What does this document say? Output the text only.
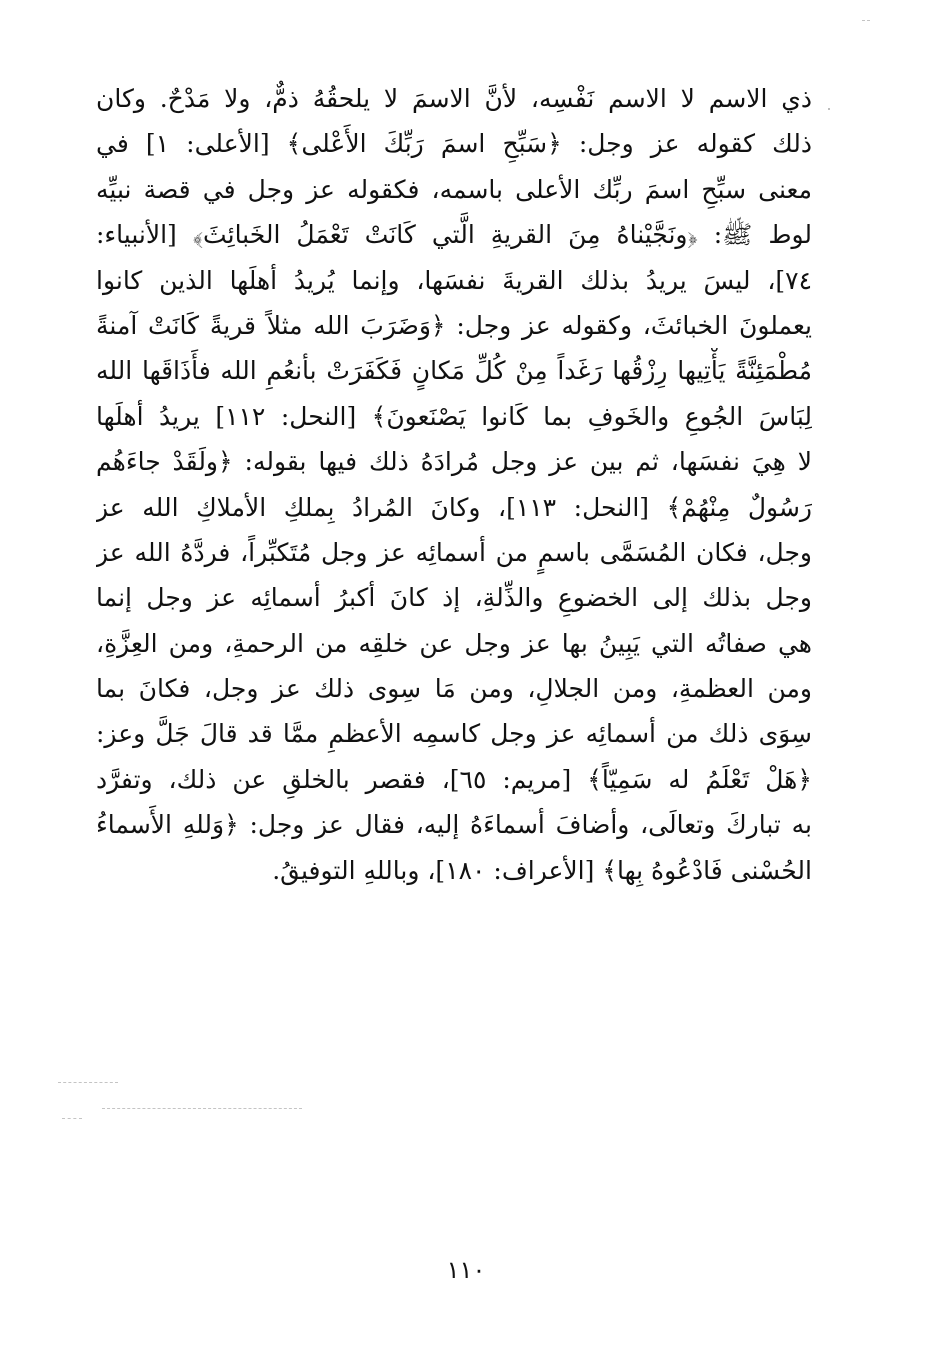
ذي الاسم لا الاسم نَفْسِه، لأنَّ الاسمَ لا يلحقُهُ ذمٌّ، ولا مَدْحٌ. وكان
ذلك كقوله عز وجل: ﴿سَبِّحِ اسمَ رَبِّكَ الأَعْلى﴾ [الأعلى: ١] في
معنى سبِّحِ اسمَ ربِّك الأعلى باسمه، فكقوله عز وجل في قصة نبيِّه
لوط ﷺ: ﴿ونَجَّيْناهُ مِنَ القريةِ الَّتي كَانَتْ تَعْمَلُ الخَبائِثَ﴾ [الأنبياء:
٧٤]، ليسَ يريدُ بذلك القريةَ نفسَها، وإنما يُريدُ أهلَها الذين كانوا
يعملونَ الخبائثَ، وكقوله عز وجل: ﴿وَضَرَبَ الله مثلاً قريةً كَانَتْ آمنةً
مُطْمَئِنَّةً يَأْتِيها رِزْقُها رَغَداً مِنْ كُلِّ مَكانٍ فَكَفَرَتْ بأنعُمِ الله فأَذَاقَها الله
لِبَاسَ الجُوعِ والخَوفِ بما كَانوا يَصْنَعونَ﴾ [النحل: ١١٢] يريدُ أهلَها
لا هِيَ نفسَها، ثم بين عز وجل مُرادَهُ ذلك فيها بقوله: ﴿ولَقَدْ جاءَهُم
رَسُولٌ مِنْهُمْ﴾ [النحل: ١١٣]، وكانَ المُرادُ بِملكِ الأملاكِ الله عز
وجل، فكان المُسَمَّى باسمٍ من أسمائِه عز وجل مُتَكبِّراً، فردَّهُ الله عز
وجل بذلك إلى الخضوعِ والذِّلةِ، إذ كانَ أكبرُ أسمائِه عز وجل إنما
هي صفاتُه التي يَبِينُ بها عز وجل عن خلقِه من الرحمةِ، ومن العِزَّةِ،
ومن العظمةِ، ومن الجلالِ، ومن مَا سِوى ذلك عز وجل، فكانَ بما
سِوَى ذلك من أسمائِه عز وجل كاسمِه الأعظمِ ممَّا قد قالَ جَلَّ وعز:
﴿هَلْ تَعْلَمُ له سَمِيّاً﴾ [مريم: ٦٥]، فقصر بالخلقِ عن ذلك، وتفرَّد
به تباركَ وتعالَى، وأضافَ أسماءَهُ إليه، فقال عز وجل: ﴿وَللهِ الأَسماءُ
الحُسْنى فَادْعُوهُ بِها﴾ [الأعراف: ١٨٠]، وباللهِ التوفيقُ.
١١٠
